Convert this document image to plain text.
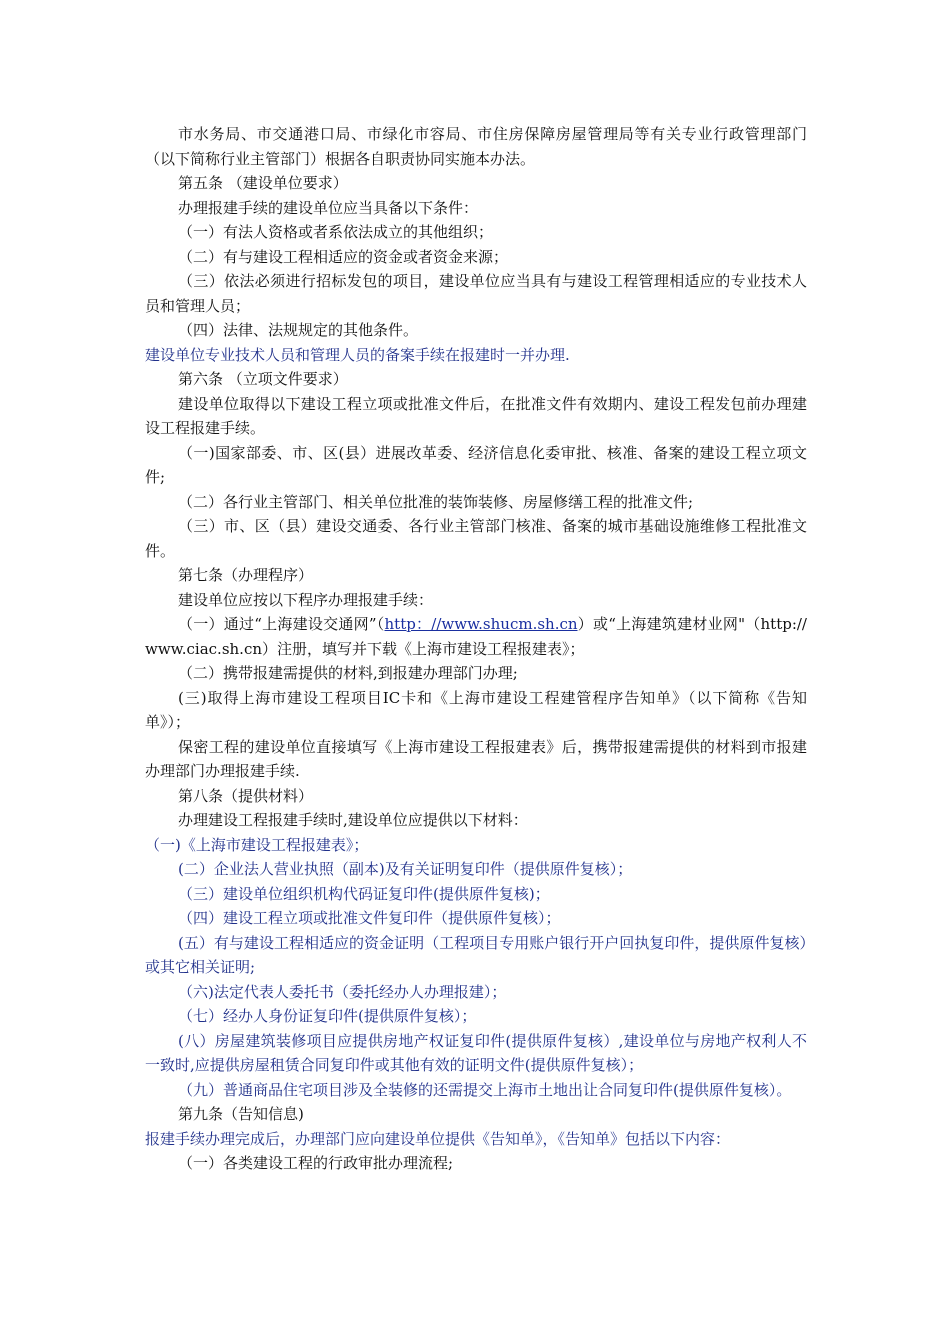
市水务局、市交通港口局、市绿化市容局、市住房保障房屋管理局等有关专业行政管理部门（以下简称行业主管部门）根据各自职责协同实施本办法。

第五条 （建设单位要求）

办理报建手续的建设单位应当具备以下条件：

（一）有法人资格或者系依法成立的其他组织；

（二）有与建设工程相适应的资金或者资金来源；

（三）依法必须进行招标发包的项目，建设单位应当具有与建设工程管理相适应的专业技术人员和管理人员；

（四）法律、法规规定的其他条件。

建设单位专业技术人员和管理人员的备案手续在报建时一并办理.

第六条 （立项文件要求）

建设单位取得以下建设工程立项或批准文件后，在批准文件有效期内、建设工程发包前办理建设工程报建手续。

（一)国家部委、市、区(县）进展改革委、经济信息化委审批、核准、备案的建设工程立项文件;

（二）各行业主管部门、相关单位批准的装饰装修、房屋修缮工程的批准文件;

（三）市、区（县）建设交通委、各行业主管部门核准、备案的城市基础设施维修工程批准文件。

第七条（办理程序）

建设单位应按以下程序办理报建手续：

（一）通过“上海建设交通网”（http：//www.shucm.sh.cn）或“上海建筑建材业网"（http://www.ciac.sh.cn）注册，填写并下载《上海市建设工程报建表》；

（二）携带报建需提供的材料,到报建办理部门办理;

(三)取得上海市建设工程项目IC卡和《上海市建设工程建管程序告知单》（以下简称《告知单》）；

保密工程的建设单位直接填写《上海市建设工程报建表》后，携带报建需提供的材料到市报建办理部门办理报建手续.

第八条（提供材料）

办理建设工程报建手续时,建设单位应提供以下材料：

（一)《上海市建设工程报建表》；

(二）企业法人营业执照（副本)及有关证明复印件（提供原件复核）；

（三）建设单位组织机构代码证复印件(提供原件复核)；

（四）建设工程立项或批准文件复印件（提供原件复核）；

(五）有与建设工程相适应的资金证明（工程项目专用账户银行开户回执复印件，提供原件复核）或其它相关证明;

（六)法定代表人委托书（委托经办人办理报建）；

（七）经办人身份证复印件(提供原件复核）；

(八）房屋建筑装修项目应提供房地产权证复印件(提供原件复核）,建设单位与房地产权利人不一致时,应提供房屋租赁合同复印件或其他有效的证明文件(提供原件复核）；

（九）普通商品住宅项目涉及全装修的还需提交上海市土地出让合同复印件(提供原件复核）。

第九条（告知信息)

报建手续办理完成后，办理部门应向建设单位提供《告知单》，《告知单》包括以下内容：

（一）各类建设工程的行政审批办理流程;
